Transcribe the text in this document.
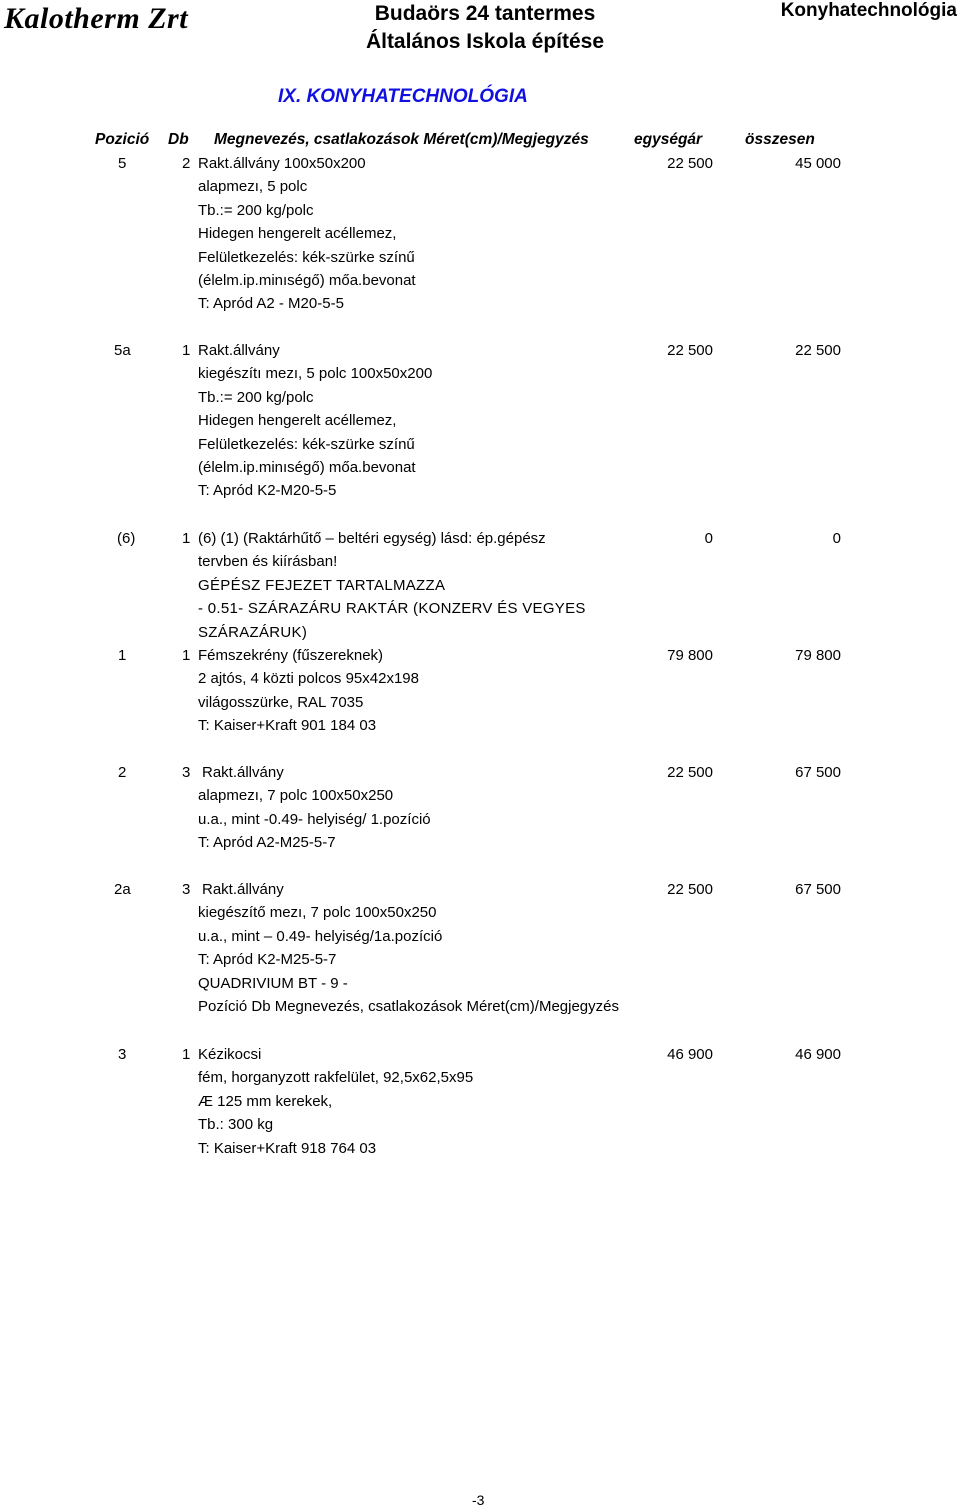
Kalotherm Zrt	Budaörs 24 tantermes
Általános Iskola építése
Konyhatechnológia
IX. KONYHATECHNOLÓGIA
Pozició Db Megnevezés, csatlakozások Méret(cm)/Megjegyzés	egységár	összesen
5	2 Rakt.állvány 100x50x200
alapmezı, 5 polc
Tb.:= 200 kg/polc
Hidegen hengerelt acéllemez,
Felületkezelés: kék-szürke színű
(élelm.ip.minıségő) mőa.bevonat
T: Apród A2 - M20-5-5
22 500	45 000
5a	1 Rakt.állvány
kiegészítı mezı, 5 polc 100x50x200
Tb.:= 200 kg/polc
Hidegen hengerelt acéllemez,
Felületkezelés: kék-szürke színű
(élelm.ip.minıségő) mőa.bevonat
T: Apród K2-M20-5-5
22 500	22 500
(6)	1 (6) (1) (Raktárhűtő – beltéri egység) lásd: ép.gépész
tervben és kiírásban!
GÉPÉSZ FEJEZET TARTALMAZZA
- 0.51- SZÁRAZÁRU RAKTÁR (KONZERV ÉS VEGYES
SZÁRAZÁRUK)
0	0
1	1 Fémszekrény (fűszereknek)
2 ajtós, 4 közti polcos 95x42x198
világosszürke, RAL 7035
T: Kaiser+Kraft 901 184 03
79 800	79 800
2	3 Rakt.állvány
alapmezı, 7 polc 100x50x250
u.a., mint -0.49- helyiség/ 1.pozíció
T: Apród A2-M25-5-7
22 500	67 500
2a	3 Rakt.állvány
kiegészítő mezı, 7 polc 100x50x250
u.a., mint – 0.49- helyiség/1a.pozíció
T: Apród K2-M25-5-7
QUADRIVIUM BT - 9 -
Pozíció Db Megnevezés, csatlakozások Méret(cm)/Megjegyzés
22 500	67 500
3	1 Kézikocsi
fém, horganyzott rakfelület, 92,5x62,5x95
Æ 125 mm kerekek,
Tb.: 300 kg
T: Kaiser+Kraft 918 764 03
46 900	46 900
-3
